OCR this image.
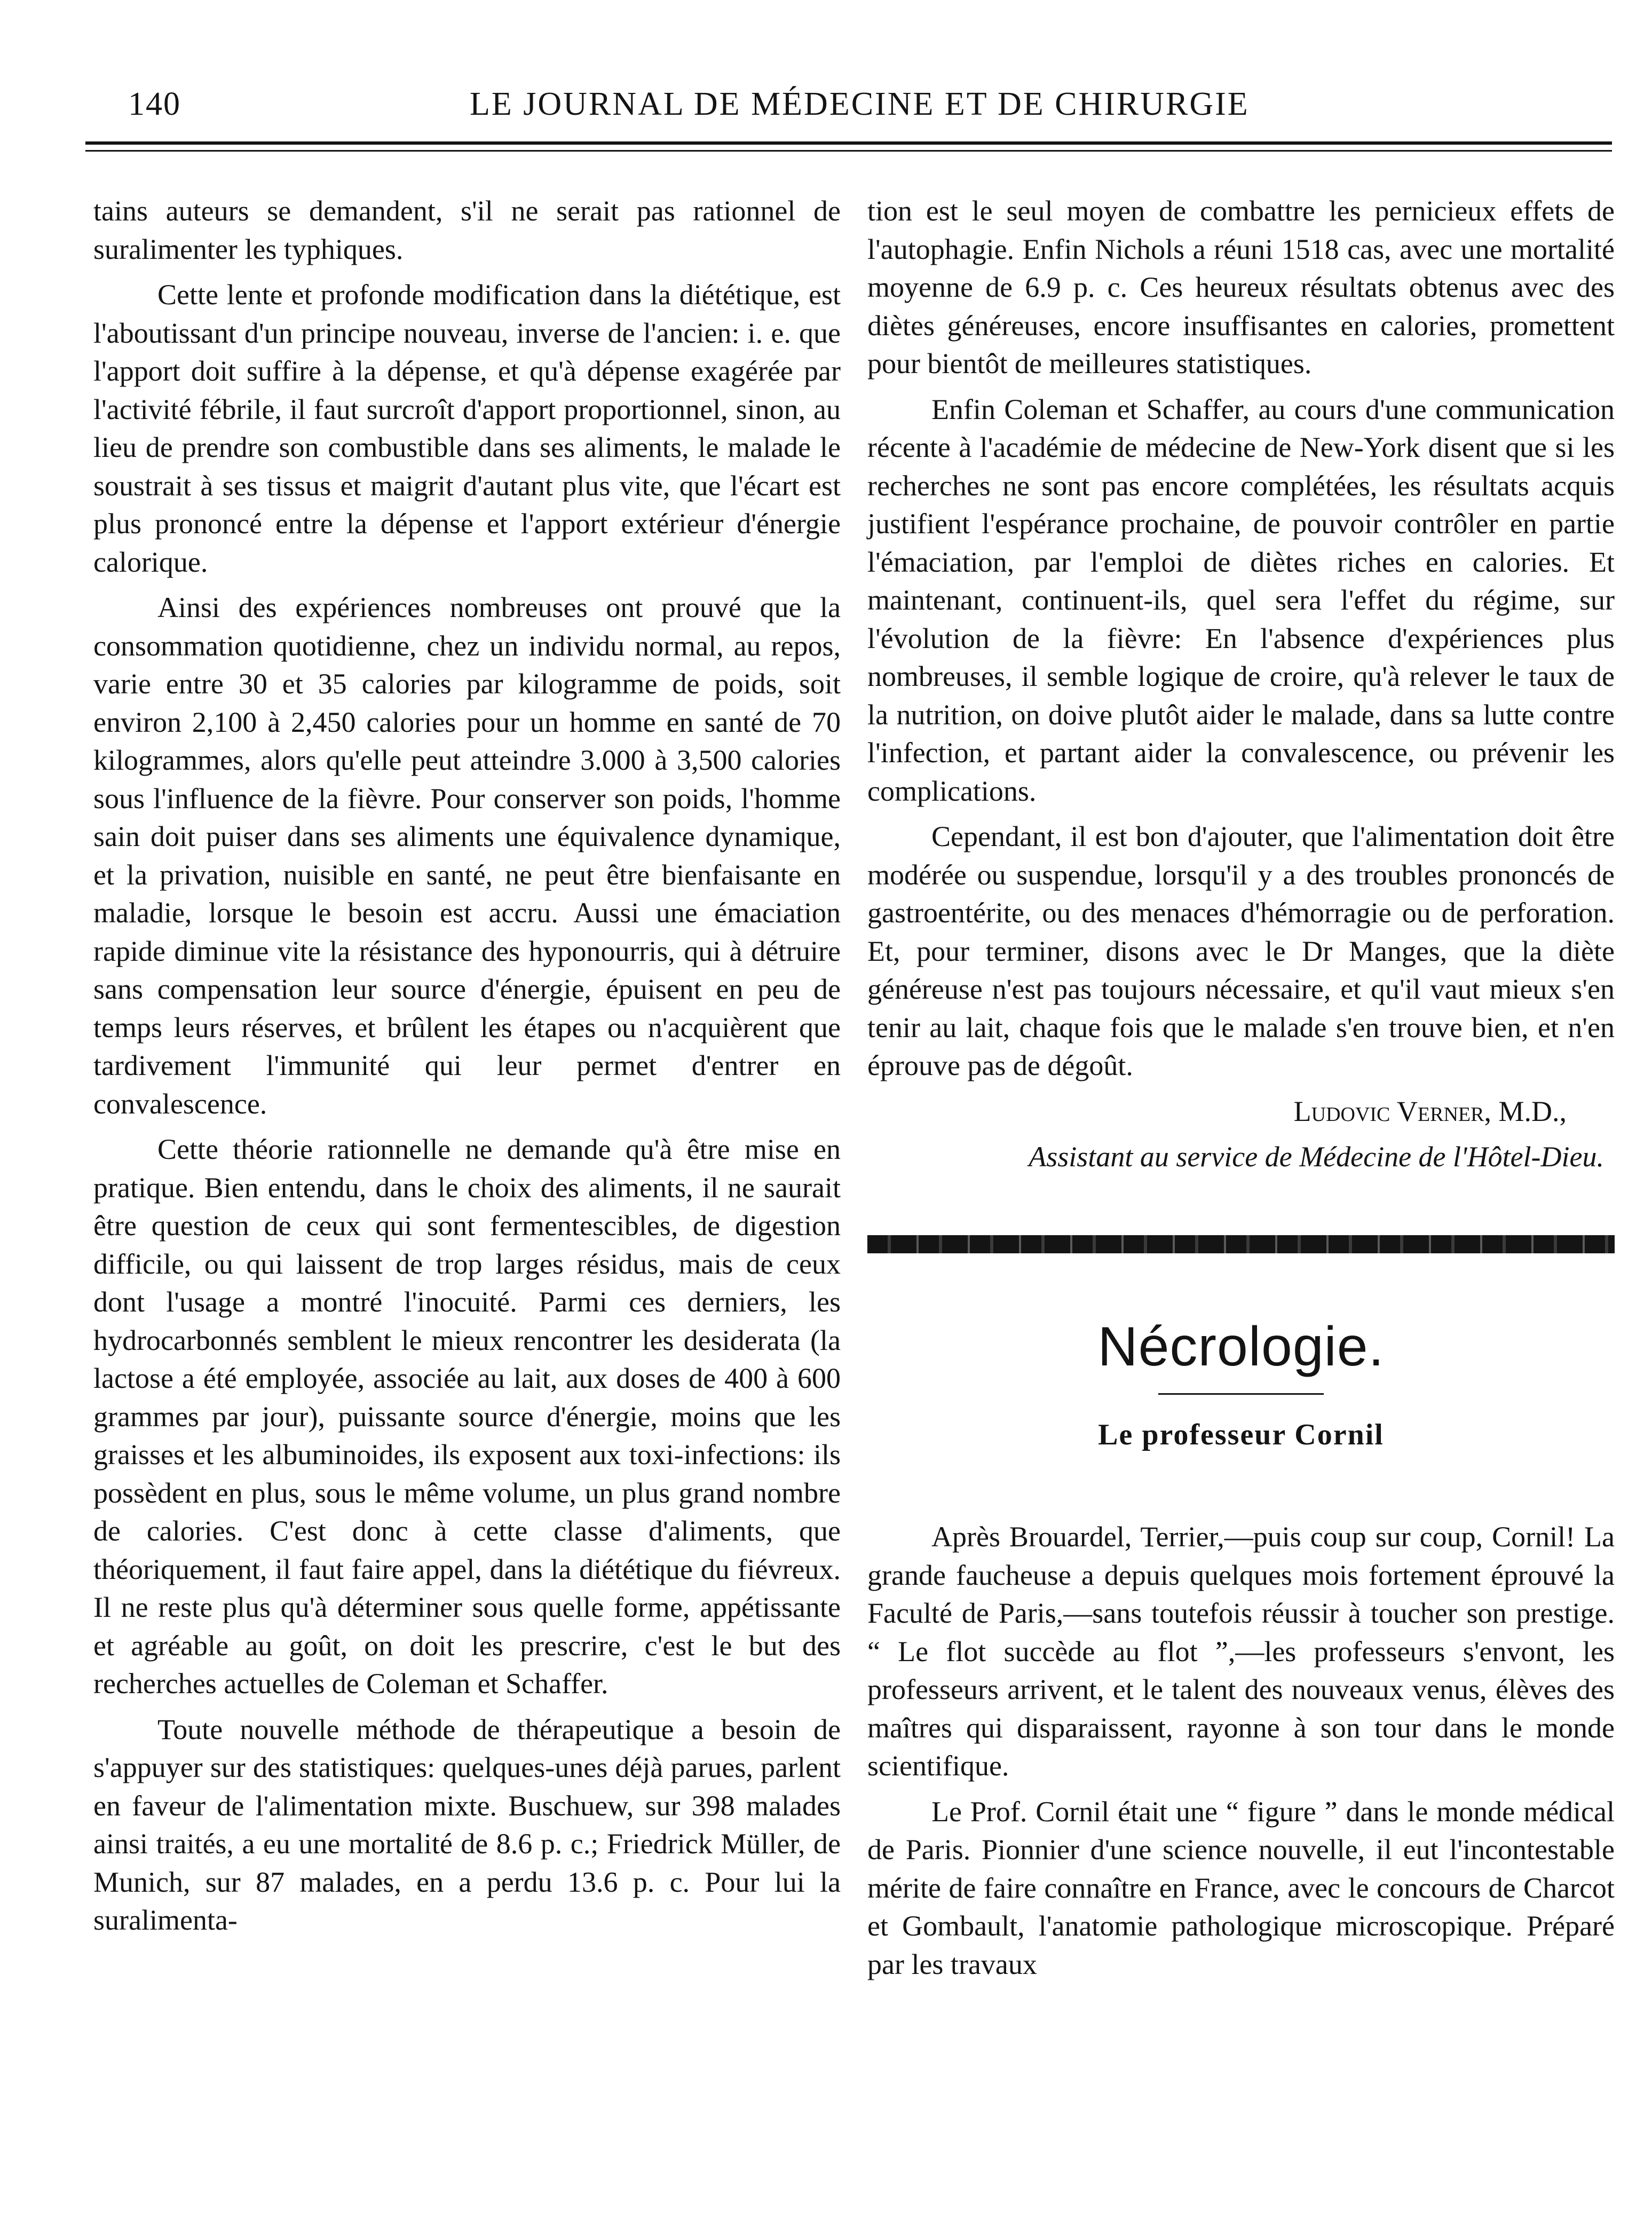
140	LE JOURNAL DE MÉDECINE ET DE CHIRURGIE

tains auteurs se demandent, s'il ne serait pas rationnel de suralimenter les typhiques.

Cette lente et profonde modification dans la diététique, est l'aboutissant d'un principe nouveau, inverse de l'ancien: i. e. que l'apport doit suffire à la dépense, et qu'à dépense exagérée par l'activité fébrile, il faut surcroît d'apport proportionnel, sinon, au lieu de prendre son combustible dans ses aliments, le malade le soustrait à ses tissus et maigrit d'autant plus vite, que l'écart est plus prononcé entre la dépense et l'apport extérieur d'énergie calorique.

Ainsi des expériences nombreuses ont prouvé que la consommation quotidienne, chez un individu normal, au repos, varie entre 30 et 35 calories par kilogramme de poids, soit environ 2,100 à 2,450 calories pour un homme en santé de 70 kilogrammes, alors qu'elle peut atteindre 3.000 à 3,500 calories sous l'influence de la fièvre. Pour conserver son poids, l'homme sain doit puiser dans ses aliments une équivalence dynamique, et la privation, nuisible en santé, ne peut être bienfaisante en maladie, lorsque le besoin est accru. Aussi une émaciation rapide diminue vite la résistance des hyponourris, qui à détruire sans compensation leur source d'énergie, épuisent en peu de temps leurs réserves, et brûlent les étapes ou n'acquièrent que tardivement l'immunité qui leur permet d'entrer en convalescence.

Cette théorie rationnelle ne demande qu'à être mise en pratique. Bien entendu, dans le choix des aliments, il ne saurait être question de ceux qui sont fermentescibles, de digestion difficile, ou qui laissent de trop larges résidus, mais de ceux dont l'usage a montré l'inocuité. Parmi ces derniers, les hydrocarbonnés semblent le mieux rencontrer les desiderata (la lactose a été employée, associée au lait, aux doses de 400 à 600 grammes par jour), puissante source d'énergie, moins que les graisses et les albuminoides, ils exposent aux toxi-infections: ils possèdent en plus, sous le même volume, un plus grand nombre de calories. C'est donc à cette classe d'aliments, que théoriquement, il faut faire appel, dans la diététique du fiévreux. Il ne reste plus qu'à déterminer sous quelle forme, appétissante et agréable au goût, on doit les prescrire, c'est le but des recherches actuelles de Coleman et Schaffer.

Toute nouvelle méthode de thérapeutique a besoin de s'appuyer sur des statistiques: quelques-unes déjà parues, parlent en faveur de l'alimentation mixte. Buschuew, sur 398 malades ainsi traités, a eu une mortalité de 8.6 p. c.; Friedrick Müller, de Munich, sur 87 malades, en a perdu 13.6 p. c. Pour lui la suralimenta-

tion est le seul moyen de combattre les pernicieux effets de l'autophagie. Enfin Nichols a réuni 1518 cas, avec une mortalité moyenne de 6.9 p. c. Ces heureux résultats obtenus avec des diètes généreuses, encore insuffisantes en calories, promettent pour bientôt de meilleures statistiques.

Enfin Coleman et Schaffer, au cours d'une communication récente à l'académie de médecine de New-York disent que si les recherches ne sont pas encore complétées, les résultats acquis justifient l'espérance prochaine, de pouvoir contrôler en partie l'émaciation, par l'emploi de diètes riches en calories. Et maintenant, continuent-ils, quel sera l'effet du régime, sur l'évolution de la fièvre: En l'absence d'expériences plus nombreuses, il semble logique de croire, qu'à relever le taux de la nutrition, on doive plutôt aider le malade, dans sa lutte contre l'infection, et partant aider la convalescence, ou prévenir les complications.

Cependant, il est bon d'ajouter, que l'alimentation doit être modérée ou suspendue, lorsqu'il y a des troubles prononcés de gastroentérite, ou des menaces d'hémorragie ou de perforation. Et, pour terminer, disons avec le Dr Manges, que la diète généreuse n'est pas toujours nécessaire, et qu'il vaut mieux s'en tenir au lait, chaque fois que le malade s'en trouve bien, et n'en éprouve pas de dégoût.

Ludovic Verner, M.D.,

Assistant au service de Médecine de l'Hôtel-Dieu.

Nécrologie.
Le professeur Cornil

Après Brouardel, Terrier,—puis coup sur coup, Cornil! La grande faucheuse a depuis quelques mois fortement éprouvé la Faculté de Paris,—sans toutefois réussir à toucher son prestige. “ Le flot succède au flot ”,—les professeurs s'envont, les professeurs arrivent, et le talent des nouveaux venus, élèves des maîtres qui disparaissent, rayonne à son tour dans le monde scientifique.

Le Prof. Cornil était une “ figure ” dans le monde médical de Paris. Pionnier d'une science nouvelle, il eut l'incontestable mérite de faire connaître en France, avec le concours de Charcot et Gombault, l'anatomie pathologique microscopique. Préparé par les travaux
